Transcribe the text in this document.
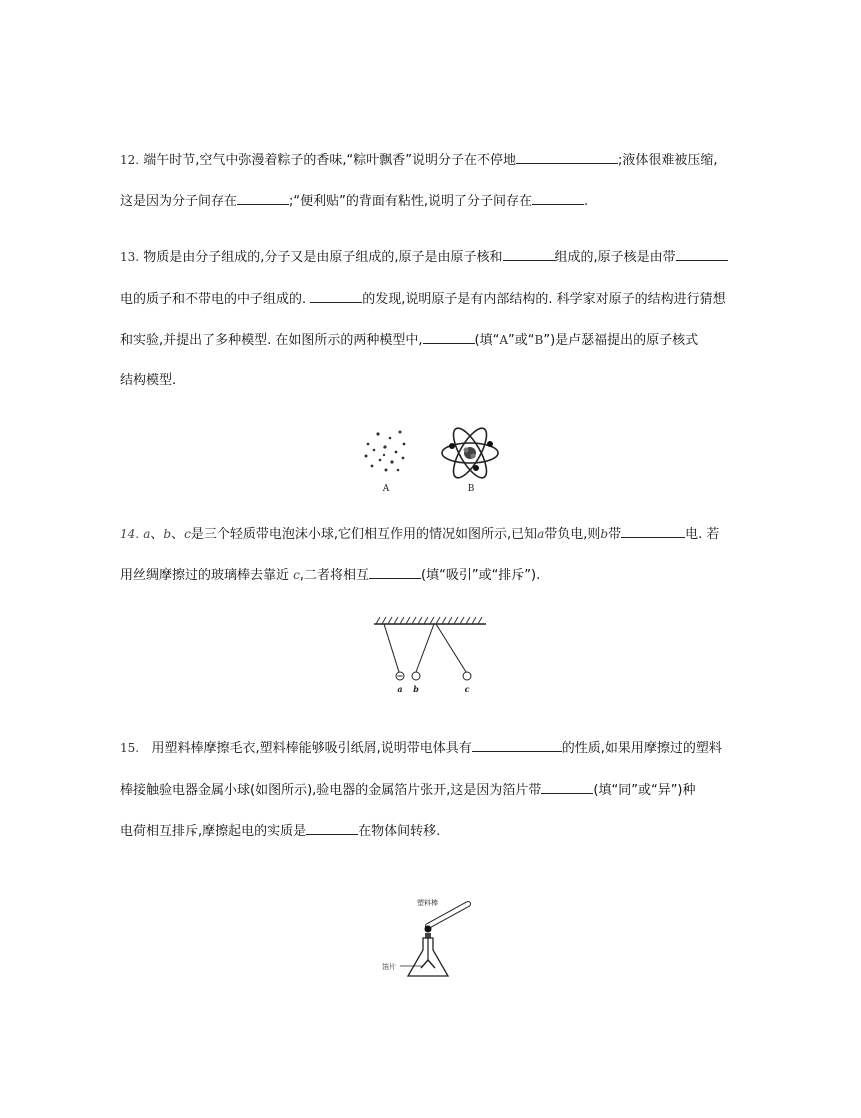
12. 端午时节,空气中弥漫着粽子的香味,“粽叶飘香”说明分子在不停地	;液体很难被压缩,
这是因为分子间存在	;“便利贴”的背面有粘性,说明了分子间存在	.
13. 物质是由分子组成的,分子又是由原子组成的,原子是由原子核和	组成的,原子核是由带
电的质子和不带电的中子组成的.	的发现,说明原子是有内部结构的. 科学家对原子的结构进行猜想
和实验,并提出了多种模型. 在如图所示的两种模型中,	(填“A”或“B”)是卢瑟福提出的原子核式
结构模型.
A	B
14. a、b、c是三个轻质带电泡沫小球,它们相互作用的情况如图所示,已知a带负电,则b带	电. 若
用丝绸摩擦过的玻璃棒去靠近 c,二者将相互	(填“吸引”或“排斥”).
a b	c
15. 用塑料棒摩擦毛衣,塑料棒能够吸引纸屑,说明带电体具有	的性质,如果用摩擦过的塑料
棒接触验电器金属小球(如图所示),验电器的金属箔片张开,这是因为箔片带	(填“同”或“异”)种
电荷相互排斥,摩擦起电的实质是	在物体间转移.
塑料棒
箔片
